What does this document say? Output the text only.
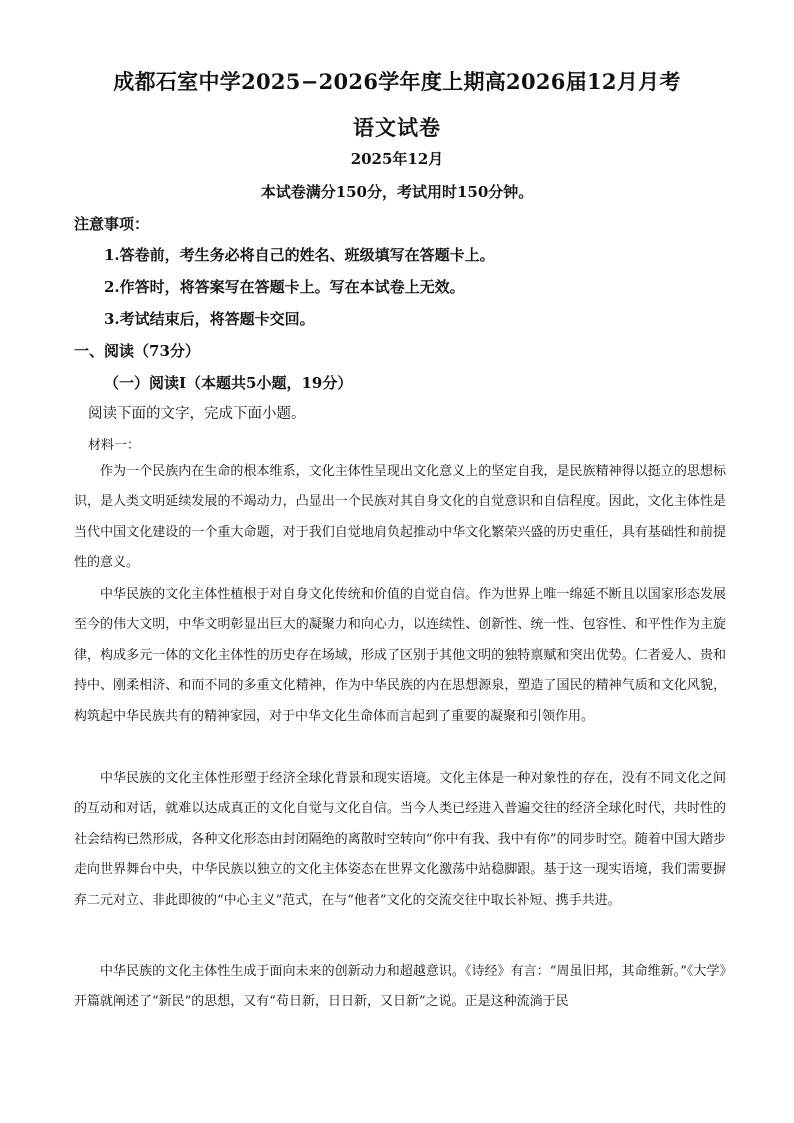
成都石室中学2025−2026学年度上期高2026届12月月考
语文试卷
2025年12月
本试卷满分150分，考试用时150分钟。
注意事项：
1.答卷前，考生务必将自己的姓名、班级填写在答题卡上。
2.作答时，将答案写在答题卡上。写在本试卷上无效。
3.考试结束后，将答题卡交回。
一、阅读（73分）
（一）阅读Ⅰ（本题共5小题，19分）
阅读下面的文字，完成下面小题。
材料一：

作为一个民族内在生命的根本维系，文化主体性呈现出文化意义上的坚定自我，是民族精神得以挺立的思想标识，是人类文明延续发展的不竭动力，凸显出一个民族对其自身文化的自觉意识和自信程度。因此，文化主体性是当代中国文化建设的一个重大命题，对于我们自觉地肩负起推动中华文化繁荣兴盛的历史重任，具有基础性和前提性的意义。

中华民族的文化主体性植根于对自身文化传统和价值的自觉自信。作为世界上唯一绵延不断且以国家形态发展至今的伟大文明，中华文明彰显出巨大的凝聚力和向心力，以连续性、创新性、统一性、包容性、和平性作为主旋律，构成多元一体的文化主体性的历史存在场域，形成了区别于其他文明的独特禀赋和突出优势。仁者爱人、贵和持中、刚柔相济、和而不同的多重文化精神，作为中华民族的内在思想源泉，塑造了国民的精神气质和文化风貌，构筑起中华民族共有的精神家园，对于中华文化生命体而言起到了重要的凝聚和引领作用。

中华民族的文化主体性形塑于经济全球化背景和现实语境。文化主体是一种对象性的存在，没有不同文化之间的互动和对话，就难以达成真正的文化自觉与文化自信。当今人类已经进入普遍交往的经济全球化时代，共时性的社会结构已然形成，各种文化形态由封闭隔绝的离散时空转向“你中有我、我中有你”的同步时空。随着中国大踏步走向世界舞台中央，中华民族以独立的文化主体姿态在世界文化激荡中站稳脚跟。基于这一现实语境，我们需要摒弃二元对立、非此即彼的“中心主义”范式，在与“他者”文化的交流交往中取长补短、携手共进。

中华民族的文化主体性生成于面向未来的创新动力和超越意识。《诗经》有言：“周虽旧邦，其命维新。”《大学》开篇就阐述了“新民”的思想，又有“苟日新，日日新，又日新”之说。正是这种流淌于民
